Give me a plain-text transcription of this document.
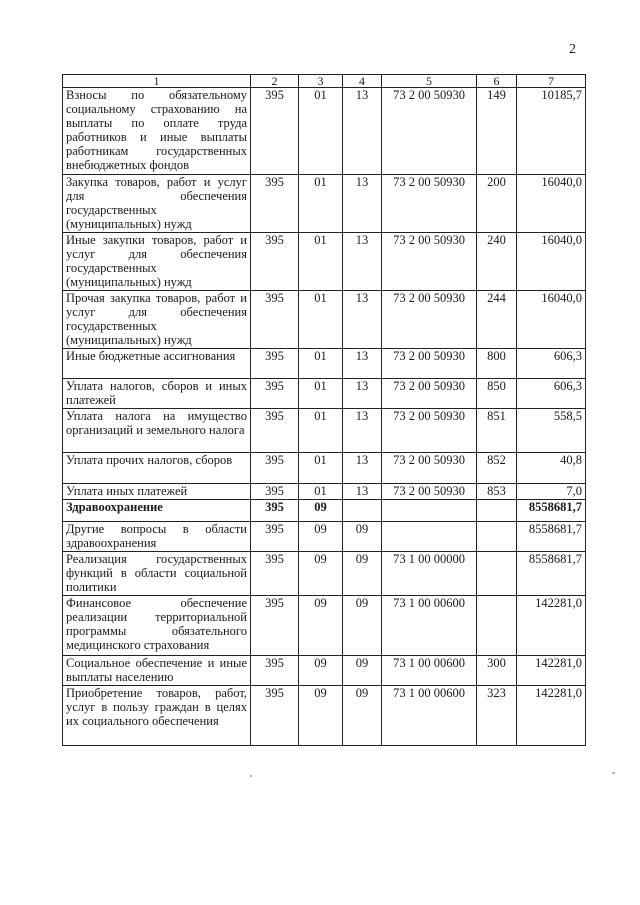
2
1	2	3	4	5	6	7
Взносы по обязательному социальному страхованию на выплаты по оплате труда работников и иные выплаты работникам государственных внебюджетных фондов	395	01	13	73 2 00 50930	149	10185,7
Закупка товаров, работ и услуг для обеспечения государственных (муниципальных) нужд	395	01	13	73 2 00 50930	200	16040,0
Иные закупки товаров, работ и услуг для обеспечения государственных (муниципальных) нужд	395	01	13	73 2 00 50930	240	16040,0
Прочая закупка товаров, работ и услуг для обеспечения государственных (муниципальных) нужд	395	01	13	73 2 00 50930	244	16040,0
Иные бюджетные ассигнования	395	01	13	73 2 00 50930	800	606,3
Уплата налогов, сборов и иных платежей	395	01	13	73 2 00 50930	850	606,3
Уплата налога на имущество организаций и земельного налога	395	01	13	73 2 00 50930	851	558,5
Уплата прочих налогов, сборов	395	01	13	73 2 00 50930	852	40,8
Уплата иных платежей	395	01	13	73 2 00 50930	853	7,0
Здравоохранение	395	09				8558681,7
Другие вопросы в области здравоохранения	395	09	09			8558681,7
Реализация государственных функций в области социальной политики	395	09	09	73 1 00 00000		8558681,7
Финансовое обеспечение реализации территориальной программы обязательного медицинского страхования	395	09	09	73 1 00 00600		142281,0
Социальное обеспечение и иные выплаты населению	395	09	09	73 1 00 00600	300	142281,0
Приобретение товаров, работ, услуг в пользу граждан в целях их социального обеспечения	395	09	09	73 1 00 00600	323	142281,0
